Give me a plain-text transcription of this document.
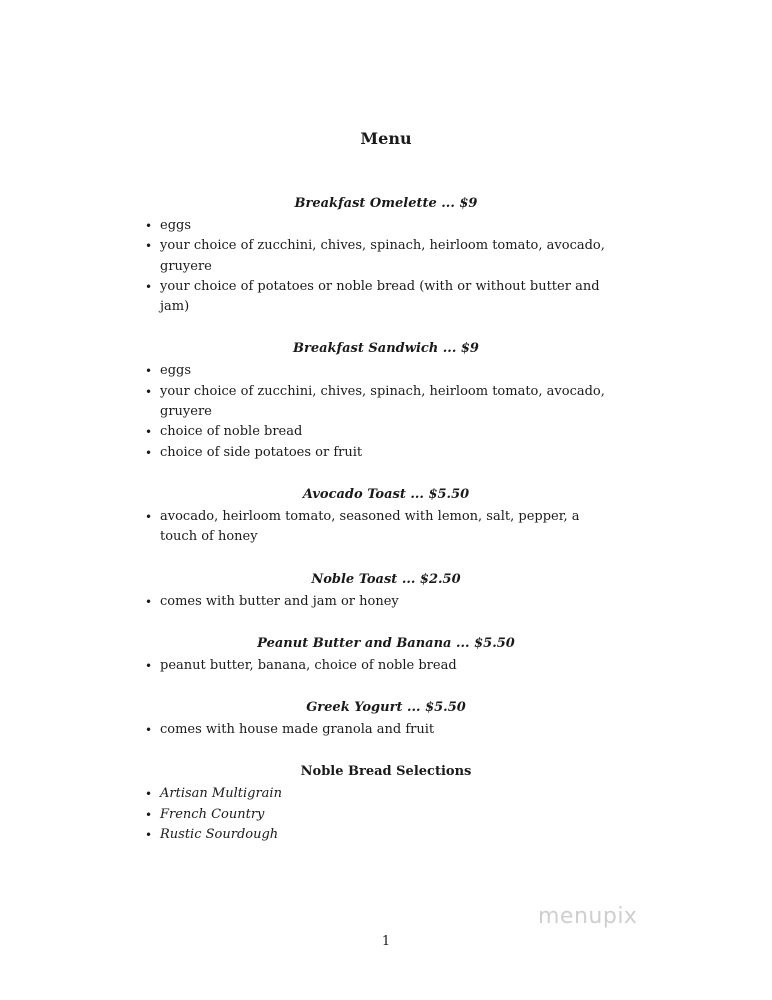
Menu
Breakfast Omelette ... $9
• eggs
• your choice of zucchini, chives, spinach, heirloom tomato, avocado, gruyere
• your choice of potatoes or noble bread (with or without butter and jam)
Breakfast Sandwich ... $9
• eggs
• your choice of zucchini, chives, spinach, heirloom tomato, avocado, gruyere
• choice of noble bread
• choice of side potatoes or fruit
Avocado Toast ... $5.50
• avocado, heirloom tomato, seasoned with lemon, salt, pepper, a touch of honey
Noble Toast ... $2.50
• comes with butter and jam or honey
Peanut Butter and Banana ... $5.50
• peanut butter, banana, choice of noble bread
Greek Yogurt ... $5.50
• comes with house made granola and fruit
Noble Bread Selections
• Artisan Multigrain
• French Country
• Rustic Sourdough
menupix
1
